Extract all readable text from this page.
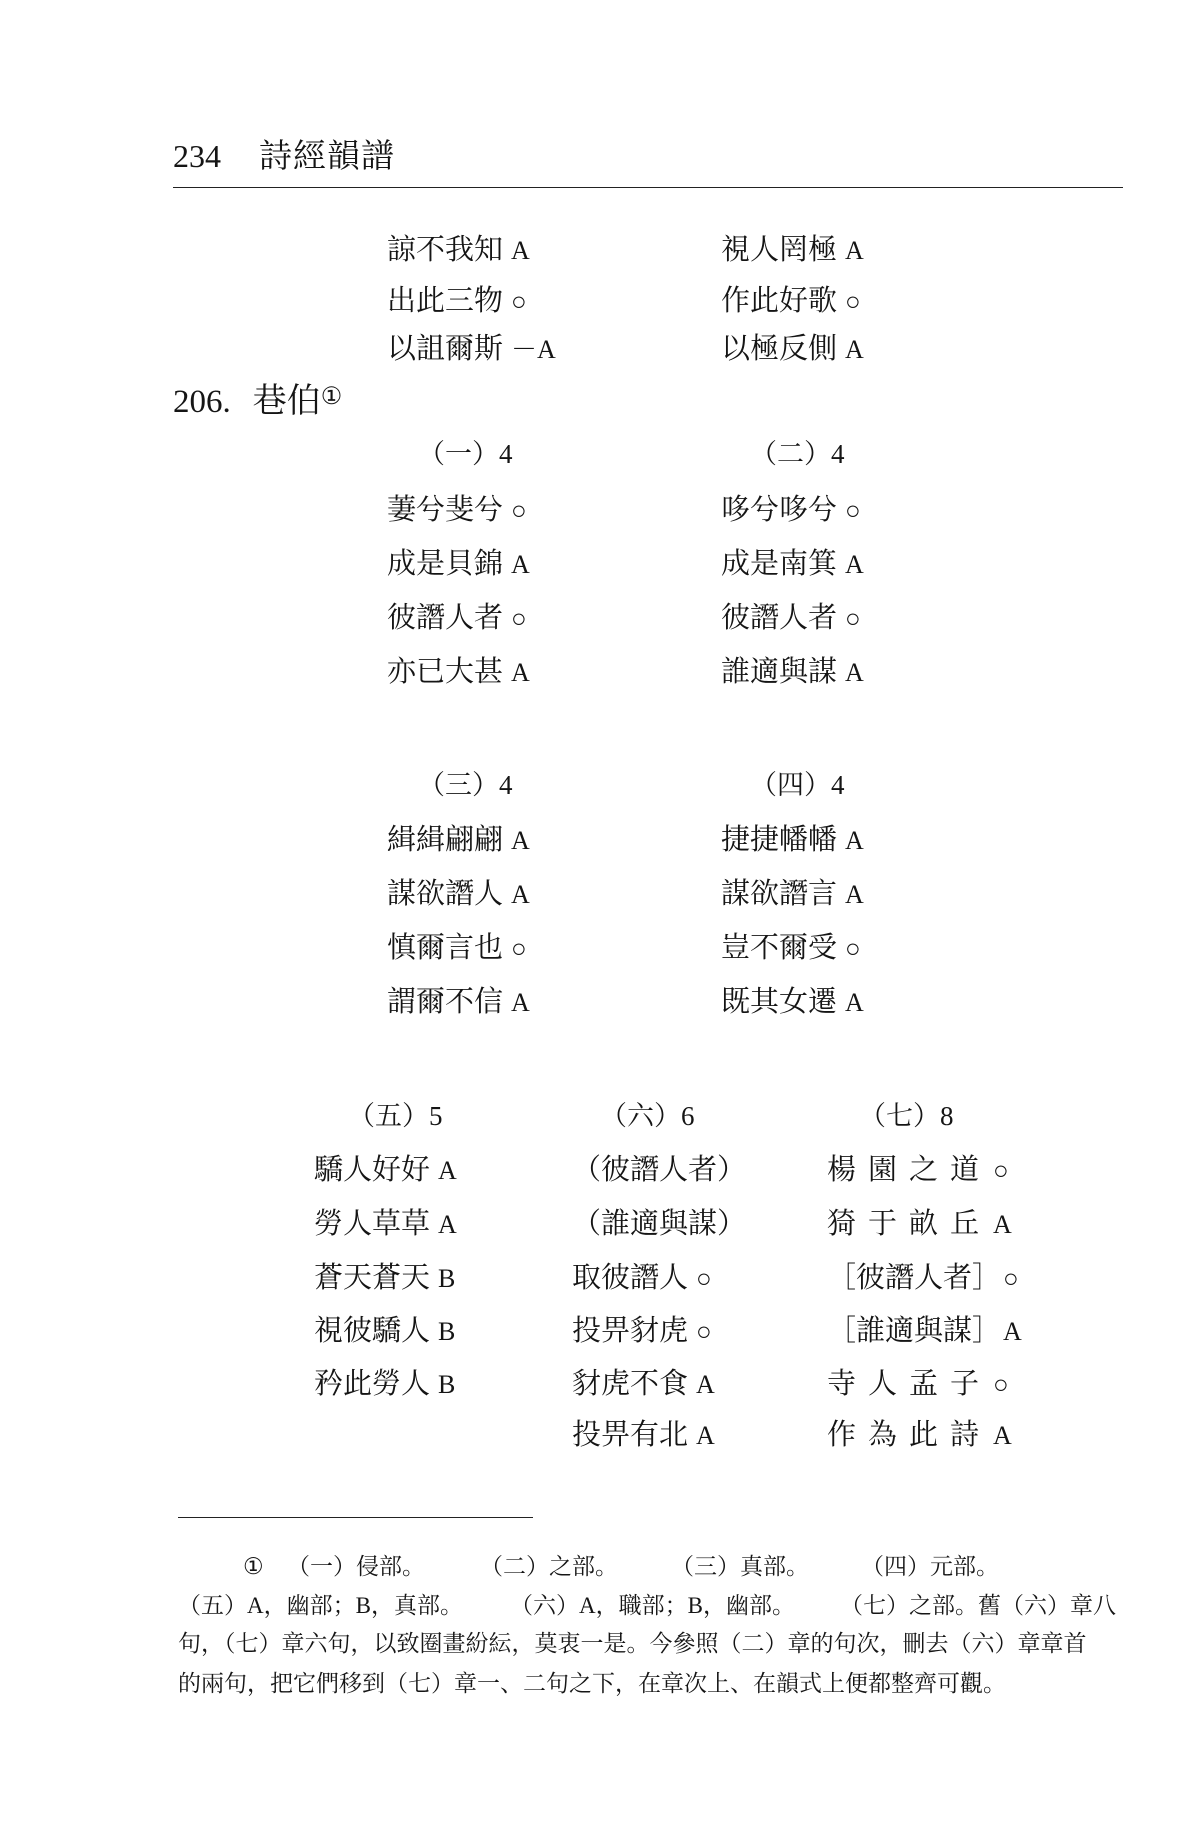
234 詩經韻譜
諒不我知 A
出此三物 ○
以詛爾斯 －A
視人罔極 A
作此好歌 ○
以極反側 A
206. 巷伯①
（一）4
萋兮斐兮 ○
成是貝錦 A
彼譖人者 ○
亦已大甚 A
（二）4
哆兮哆兮 ○
成是南箕 A
彼譖人者 ○
誰適與謀 A
（三）4
緝緝翩翩 A
謀欲譖人 A
慎爾言也 ○
謂爾不信 A
（四）4
捷捷幡幡 A
謀欲譖言 A
豈不爾受 ○
既其女遷 A
（五）5
驕人好好 A
勞人草草 A
蒼天蒼天 B
視彼驕人 B
矜此勞人 B
（六）6
（彼譖人者）
（誰適與謀）
取彼譖人 ○
投畀豺虎 ○
豺虎不食 A
投畀有北 A
（七）8
楊園之道○
猗于畝丘A
［彼譖人者］○
［誰適與謀］A
寺人孟子○
作為此詩A
① （一）侵部。 （二）之部。 （三）真部。 （四）元部。
（五）A，幽部；B，真部。 （六）A，職部；B，幽部。 （七）之部。舊（六）章八
句，（七）章六句，以致圈畫紛紜，莫衷一是。今參照（二）章的句次，刪去（六）章章首
的兩句，把它們移到（七）章一、二句之下，在章次上、在韻式上便都整齊可觀。
